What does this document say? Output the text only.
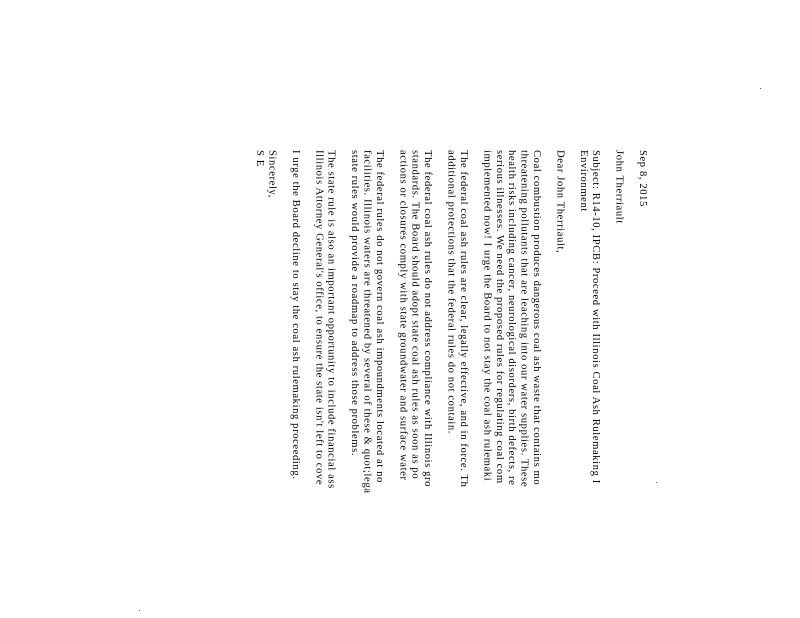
Sep 8, 2015
John Therriault
Subject: R14-10, IPCB: Proceed with Illinois Coal Ash Rulemaking I
Environment
Dear John Therriault,
Coal combustion produces dangerous coal ash waste that contains mo
threatening pollutants that are leaching into our water supplies. These
health risks including cancer, neurological disorders, birth defects, re
serious illnesses. We need the proposed rules for regulating coal com
implemented now! I urge the Board to not stay the coal ash rulemaki
The federal coal ash rules are clear, legally effective, and in force. Th
additional protections that the federal rules do not contain.
The federal coal ash rules do not address compliance with Illinois gro
standards. The Board should adopt state coal ash rules as soon as po
actions or closures comply with state groundwater and surface water
The federal rules do not govern coal ash impoundments located at no
facilities. Illinois waters are threatened by several of these & quot;lega
state rules would provide a roadmap to address those problems.
The state rule is also an important opportunity to include financial ass
Illinois Attorney General's office, to ensure the state isn't left to cove
I urge the Board decline to stay the coal ash rulemaking proceeding.
Sincerely,
S E
